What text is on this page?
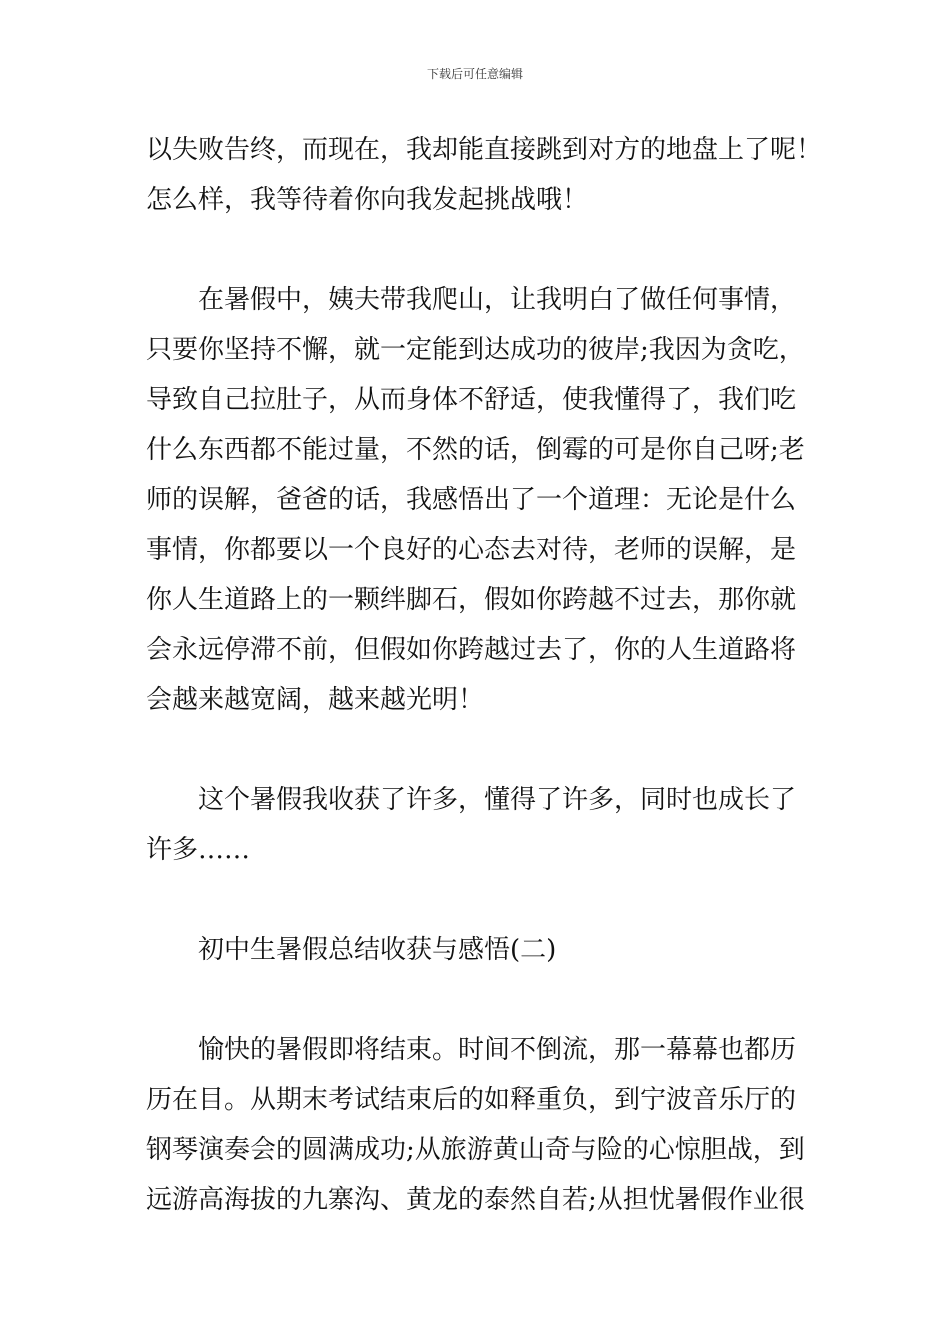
下载后可任意编辑
以失败告终，而现在，我却能直接跳到对方的地盘上了呢！
怎么样，我等待着你向我发起挑战哦！
在暑假中，姨夫带我爬山，让我明白了做任何事情，
只要你坚持不懈，就一定能到达成功的彼岸;我因为贪吃，
导致自己拉肚子，从而身体不舒适，使我懂得了，我们吃
什么东西都不能过量，不然的话，倒霉的可是你自己呀;老
师的误解，爸爸的话，我感悟出了一个道理：无论是什么
事情，你都要以一个良好的心态去对待，老师的误解，是
你人生道路上的一颗绊脚石，假如你跨越不过去，那你就
会永远停滞不前，但假如你跨越过去了，你的人生道路将
会越来越宽阔，越来越光明！
这个暑假我收获了许多，懂得了许多，同时也成长了
许多……
初中生暑假总结收获与感悟(二)
愉快的暑假即将结束。时间不倒流，那一幕幕也都历
历在目。从期末考试结束后的如释重负，到宁波音乐厅的
钢琴演奏会的圆满成功;从旅游黄山奇与险的心惊胆战，到
远游高海拔的九寨沟、黄龙的泰然自若;从担忧暑假作业很
